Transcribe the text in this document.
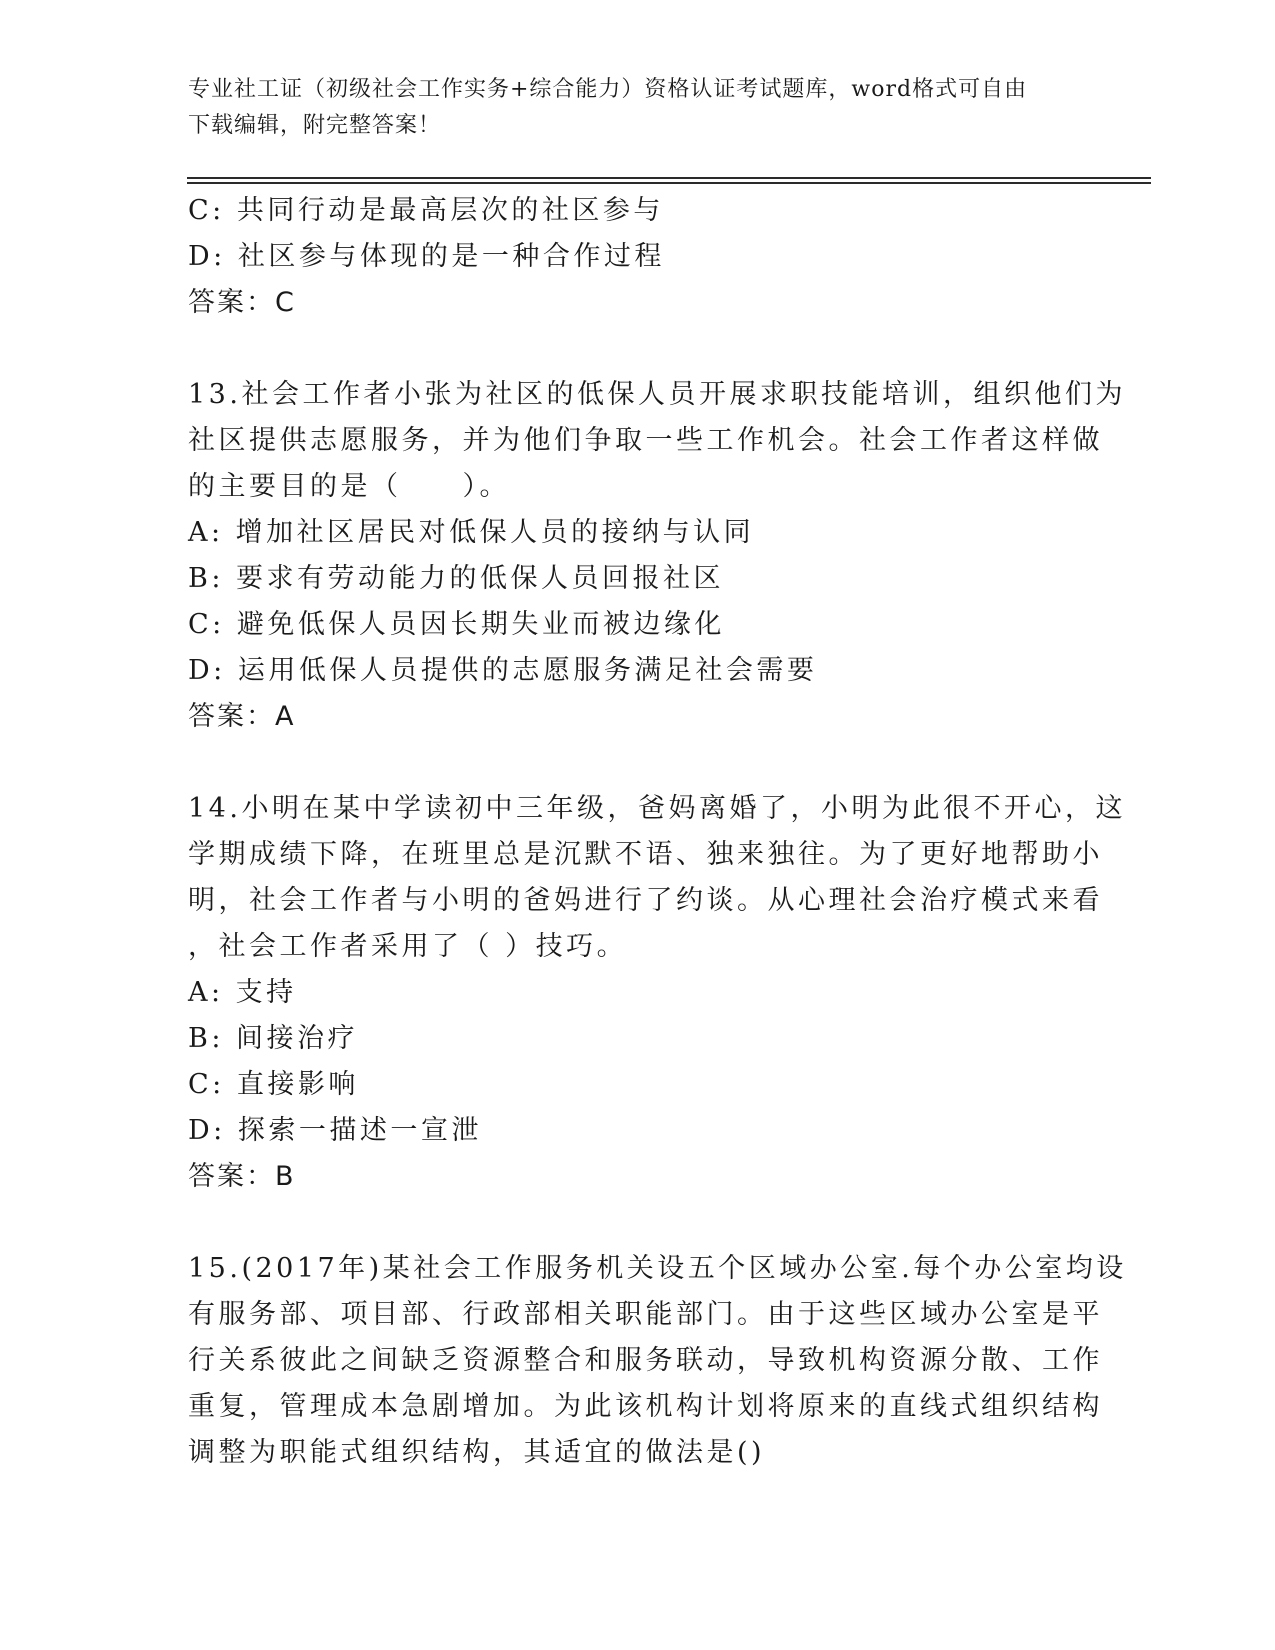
专业社工证（初级社会工作实务+综合能力）资格认证考试题库，word格式可自由
下载编辑，附完整答案！
C: 共同行动是最高层次的社区参与
D: 社区参与体现的是一种合作过程
答案：C
13.社会工作者小张为社区的低保人员开展求职技能培训，组织他们为
社区提供志愿服务，并为他们争取一些工作机会。社会工作者这样做
的主要目的是（　　）。
A: 增加社区居民对低保人员的接纳与认同
B: 要求有劳动能力的低保人员回报社区
C: 避免低保人员因长期失业而被边缘化
D: 运用低保人员提供的志愿服务满足社会需要
答案：A
14.小明在某中学读初中三年级，爸妈离婚了，小明为此很不开心，这
学期成绩下降，在班里总是沉默不语、独来独往。为了更好地帮助小
明，社会工作者与小明的爸妈进行了约谈。从心理社会治疗模式来看
，社会工作者采用了（ ）技巧。
A: 支持
B: 间接治疗
C: 直接影响
D: 探索一描述一宣泄
答案：B
15.(2017年)某社会工作服务机关设五个区域办公室.每个办公室均设
有服务部、项目部、行政部相关职能部门。由于这些区域办公室是平
行关系彼此之间缺乏资源整合和服务联动，导致机构资源分散、工作
重复，管理成本急剧增加。为此该机构计划将原来的直线式组织结构
调整为职能式组织结构，其适宜的做法是()
